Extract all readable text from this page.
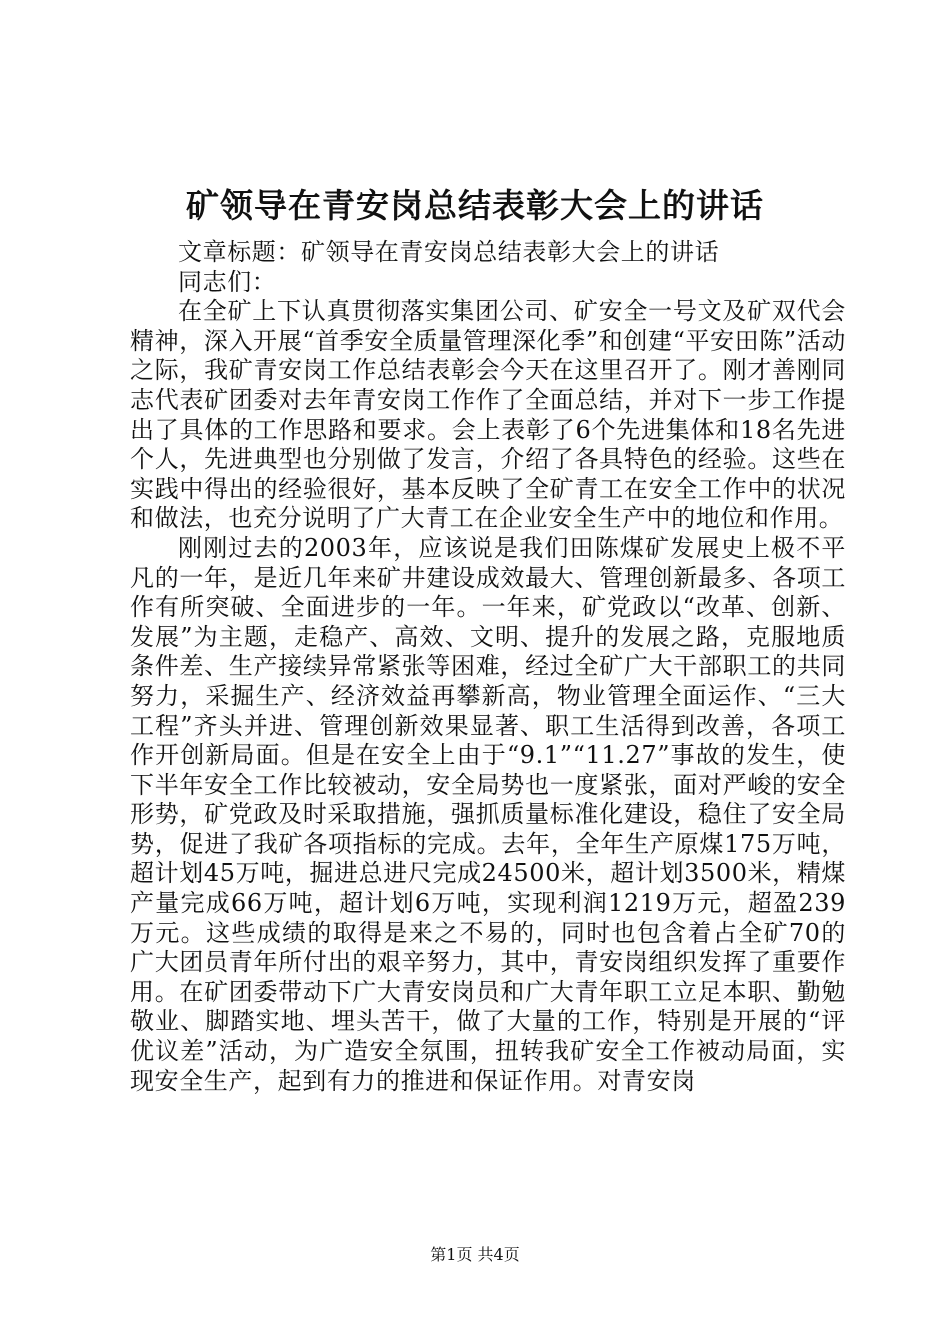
矿领导在青安岗总结表彰大会上的讲话

文章标题：矿领导在青安岗总结表彰大会上的讲话

同志们：

在全矿上下认真贯彻落实集团公司、矿安全一号文及矿双代会精神，深入开展“首季安全质量管理深化季”和创建“平安田陈”活动之际，我矿青安岗工作总结表彰会今天在这里召开了。刚才善刚同志代表矿团委对去年青安岗工作作了全面总结，并对下一步工作提出了具体的工作思路和要求。会上表彰了6个先进集体和18名先进个人，先进典型也分别做了发言，介绍了各具特色的经验。这些在实践中得出的经验很好，基本反映了全矿青工在安全工作中的状况和做法，也充分说明了广大青工在企业安全生产中的地位和作用。

刚刚过去的2003年，应该说是我们田陈煤矿发展史上极不平凡的一年，是近几年来矿井建设成效最大、管理创新最多、各项工作有所突破、全面进步的一年。一年来，矿党政以“改革、创新、发展”为主题，走稳产、高效、文明、提升的发展之路，克服地质条件差、生产接续异常紧张等困难，经过全矿广大干部职工的共同努力，采掘生产、经济效益再攀新高，物业管理全面运作、“三大工程”齐头并进、管理创新效果显著、职工生活得到改善，各项工作开创新局面。但是在安全上由于“9.1”“11.27”事故的发生，使下半年安全工作比较被动，安全局势也一度紧张，面对严峻的安全形势，矿党政及时采取措施，强抓质量标准化建设，稳住了安全局势，促进了我矿各项指标的完成。去年，全年生产原煤175万吨，超计划45万吨，掘进总进尺完成24500米，超计划3500米，精煤产量完成66万吨，超计划6万吨，实现利润1219万元，超盈239万元。这些成绩的取得是来之不易的，同时也包含着占全矿70的广大团员青年所付出的艰辛努力，其中，青安岗组织发挥了重要作用。在矿团委带动下广大青安岗员和广大青年职工立足本职、勤勉敬业、脚踏实地、埋头苦干，做了大量的工作，特别是开展的“评优议差”活动，为广造安全氛围，扭转我矿安全工作被动局面，实现安全生产，起到有力的推进和保证作用。对青安岗

第1页 共4页
